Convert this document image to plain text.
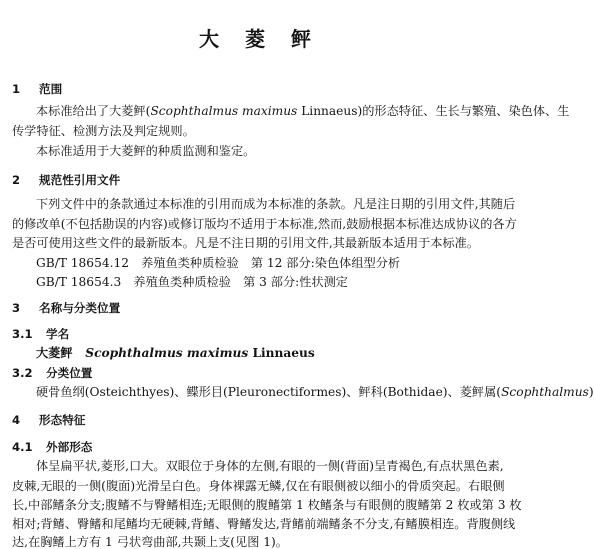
大菱鲆
1 范围
本标准给出了大菱鲆(Scophthalmus maximus Linnaeus)的形态特征、生长与繁殖、染色体、生
传学特征、检测方法及判定规则。
本标准适用于大菱鲆的种质监测和鉴定。
2 规范性引用文件
下列文件中的条款通过本标准的引用而成为本标准的条款。凡是注日期的引用文件,其随后
的修改单(不包括勘误的内容)或修订版均不适用于本标准,然而,鼓励根据本标准达成协议的各方
是否可使用这些文件的最新版本。凡是不注日期的引用文件,其最新版本适用于本标准。
GB/T 18654.12　养殖鱼类种质检验　第 12 部分:染色体组型分析
GB/T 18654.3　养殖鱼类种质检验　第 3 部分:性状测定
3 名称与分类位置
3.1 学名
大菱鲆 Scophthalmus maximus Linnaeus
3.2 分类位置
硬骨鱼纲(Osteichthyes)、鲽形目(Pleuronectiformes)、鲆科(Bothidae)、菱鲆属(Scophthalmus)
4 形态特征
4.1 外部形态
体呈扁平状,菱形,口大。双眼位于身体的左侧,有眼的一侧(背面)呈青褐色,有点状黑色素,
皮棘,无眼的一侧(腹面)光滑呈白色。身体裸露无鳞,仅在有眼侧被以细小的骨质突起。右眼侧
长,中部鳍条分支;腹鳍不与臀鳍相连;无眼侧的腹鳍第 1 枚鳍条与有眼侧的腹鳍第 2 枚或第 3 枚
相对;背鳍、臀鳍和尾鳍均无硬棘,背鳍、臀鳍发达,背鳍前端鳍条不分支,有鳍膜相连。背腹侧线
达,在胸鳍上方有 1 弓状弯曲部,共颞上支(见图 1)。
